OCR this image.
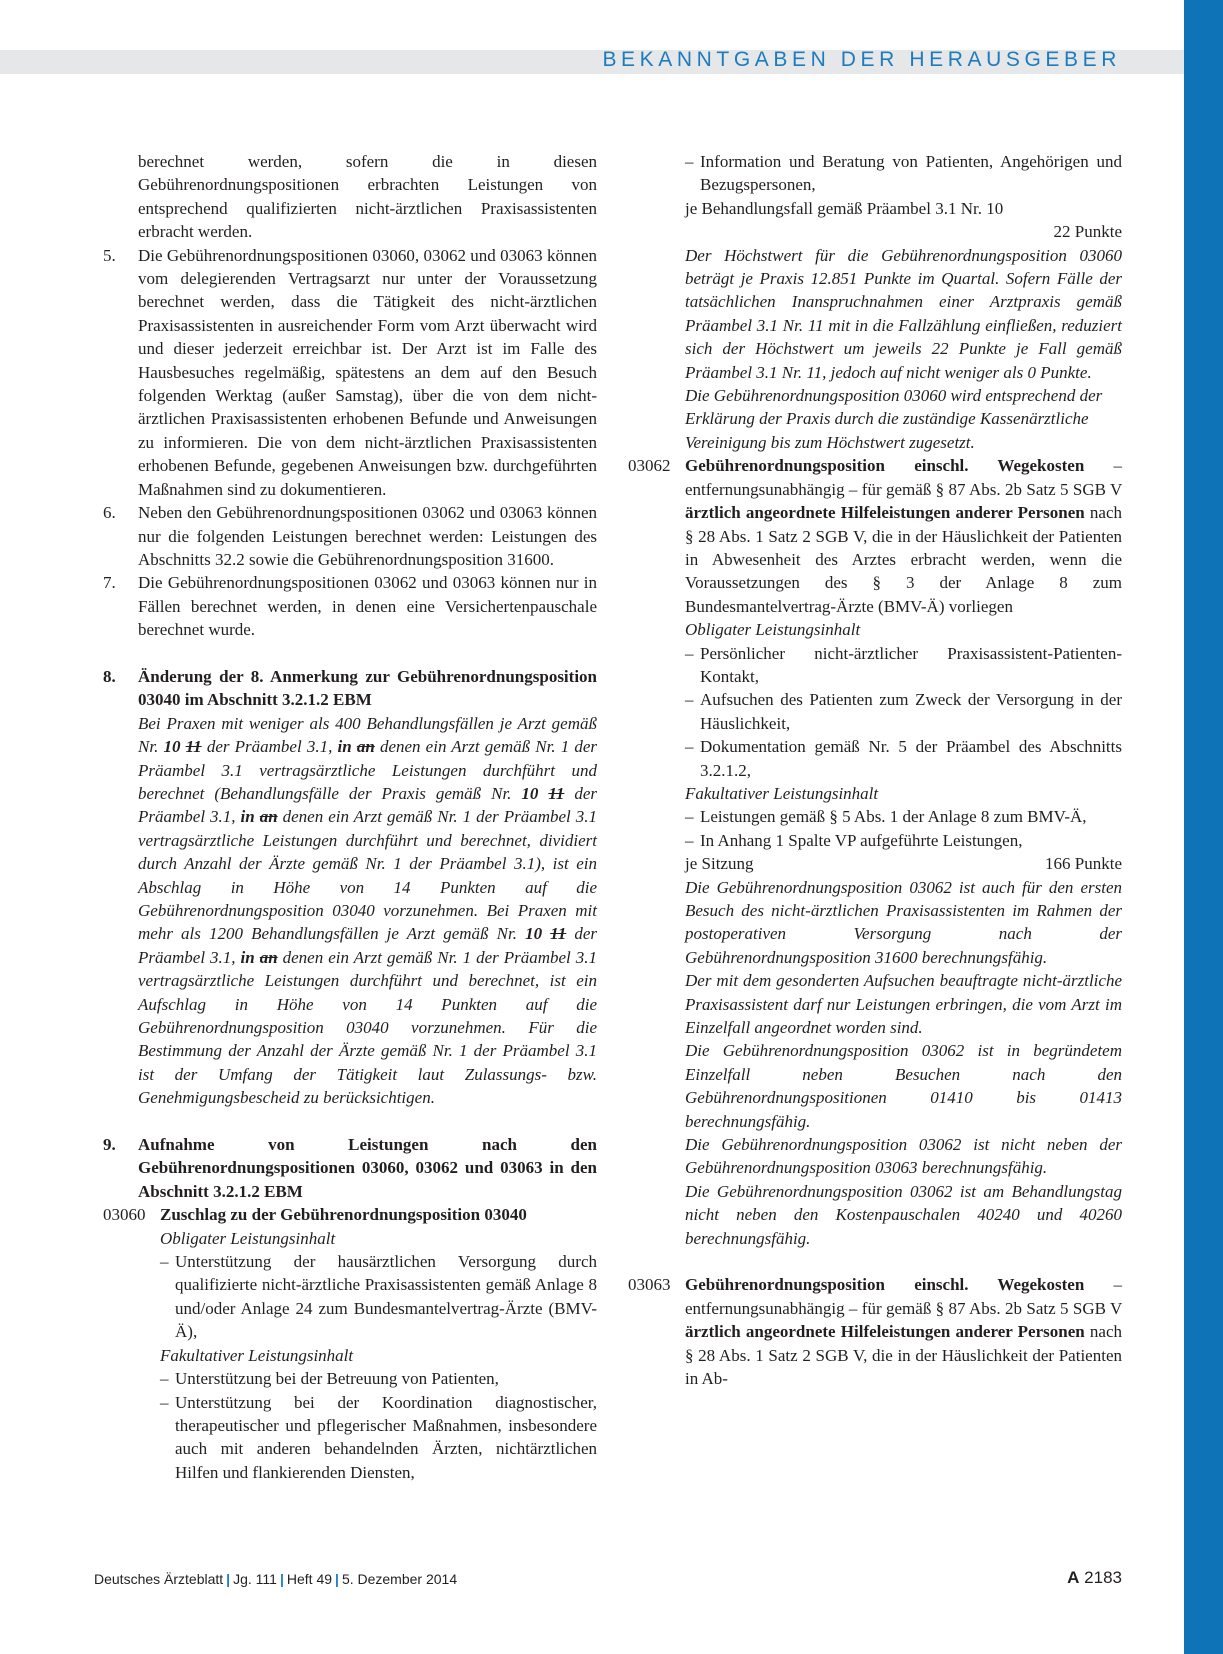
BEKANNTGABEN DER HERAUSGEBER
berechnet werden, sofern die in diesen Gebührenordnungspositionen erbrachten Leistungen von entsprechend qualifizierten nicht-ärztlichen Praxisassistenten erbracht werden.
5. Die Gebührenordnungspositionen 03060, 03062 und 03063 können vom delegierenden Vertragsarzt nur unter der Voraussetzung berechnet werden, dass die Tätigkeit des nicht-ärztlichen Praxisassistenten in ausreichender Form vom Arzt überwacht wird und dieser jederzeit erreichbar ist. Der Arzt ist im Falle des Hausbesuches regelmäßig, spätestens an dem auf den Besuch folgenden Werktag (außer Samstag), über die von dem nicht-ärztlichen Praxisassistenten erhobenen Befunde und Anweisungen zu informieren. Die von dem nicht-ärztlichen Praxisassistenten erhobenen Befunde, gegebenen Anweisungen bzw. durchgeführten Maßnahmen sind zu dokumentieren.
6. Neben den Gebührenordnungspositionen 03062 und 03063 können nur die folgenden Leistungen berechnet werden: Leistungen des Abschnitts 32.2 sowie die Gebührenordnungsposition 31600.
7. Die Gebührenordnungspositionen 03062 und 03063 können nur in Fällen berechnet werden, in denen eine Versichertenpauschale berechnet wurde.
8. Änderung der 8. Anmerkung zur Gebührenordnungsposition 03040 im Abschnitt 3.2.1.2 EBM
Bei Praxen mit weniger als 400 Behandlungsfällen je Arzt gemäß Nr. 10 11 der Präambel 3.1, in an denen ein Arzt gemäß Nr. 1 der Präambel 3.1 vertragsärztliche Leistungen durchführt und berechnet (Behandlungsfälle der Praxis gemäß Nr. 10 11 der Präambel 3.1, in an denen ein Arzt gemäß Nr. 1 der Präambel 3.1 vertragsärztliche Leistungen durchführt und berechnet, dividiert durch Anzahl der Ärzte gemäß Nr. 1 der Präambel 3.1), ist ein Abschlag in Höhe von 14 Punkten auf die Gebührenordnungsposition 03040 vorzunehmen. Bei Praxen mit mehr als 1200 Behandlungsfällen je Arzt gemäß Nr. 10 11 der Präambel 3.1, in an denen ein Arzt gemäß Nr. 1 der Präambel 3.1 vertragsärztliche Leistungen durchführt und berechnet, ist ein Aufschlag in Höhe von 14 Punkten auf die Gebührenordnungsposition 03040 vorzunehmen. Für die Bestimmung der Anzahl der Ärzte gemäß Nr. 1 der Präambel 3.1 ist der Umfang der Tätigkeit laut Zulassungs- bzw. Genehmigungsbescheid zu berücksichtigen.
9. Aufnahme von Leistungen nach den Gebührenordnungspositionen 03060, 03062 und 03063 in den Abschnitt 3.2.1.2 EBM
03060 Zuschlag zu der Gebührenordnungsposition 03040
Obligater Leistungsinhalt
– Unterstützung der hausärztlichen Versorgung durch qualifizierte nicht-ärztliche Praxisassistenten gemäß Anlage 8 und/oder Anlage 24 zum Bundesmantelvertrag-Ärzte (BMV-Ä),
Fakultativer Leistungsinhalt
– Unterstützung bei der Betreuung von Patienten,
– Unterstützung bei der Koordination diagnostischer, therapeutischer und pflegerischer Maßnahmen, insbesondere auch mit anderen behandelnden Ärzten, nichtärztlichen Hilfen und flankierenden Diensten,
– Information und Beratung von Patienten, Angehörigen und Bezugspersonen,
je Behandlungsfall gemäß Präambel 3.1 Nr. 10
22 Punkte
Der Höchstwert für die Gebührenordnungsposition 03060 beträgt je Praxis 12.851 Punkte im Quartal. Sofern Fälle der tatsächlichen Inanspruchnahmen einer Arztpraxis gemäß Präambel 3.1 Nr. 11 mit in die Fallzählung einfließen, reduziert sich der Höchstwert um jeweils 22 Punkte je Fall gemäß Präambel 3.1 Nr. 11, jedoch auf nicht weniger als 0 Punkte.
Die Gebührenordnungsposition 03060 wird entsprechend der Erklärung der Praxis durch die zuständige Kassenärztliche Vereinigung bis zum Höchstwert zugesetzt.
03062 Gebührenordnungsposition einschl. Wegekosten – entfernungsunabhängig – für gemäß § 87 Abs. 2b Satz 5 SGB V ärztlich angeordnete Hilfeleistungen anderer Personen nach § 28 Abs. 1 Satz 2 SGB V, die in der Häuslichkeit der Patienten in Abwesenheit des Arztes erbracht werden, wenn die Voraussetzungen des § 3 der Anlage 8 zum Bundesmantelvertrag-Ärzte (BMV-Ä) vorliegen
Obligater Leistungsinhalt
– Persönlicher nicht-ärztlicher Praxisassistent-Patienten-Kontakt,
– Aufsuchen des Patienten zum Zweck der Versorgung in der Häuslichkeit,
– Dokumentation gemäß Nr. 5 der Präambel des Abschnitts 3.2.1.2,
Fakultativer Leistungsinhalt
– Leistungen gemäß § 5 Abs. 1 der Anlage 8 zum BMV-Ä,
– In Anhang 1 Spalte VP aufgeführte Leistungen,
je Sitzung	166 Punkte
Die Gebührenordnungsposition 03062 ist auch für den ersten Besuch des nicht-ärztlichen Praxisassistenten im Rahmen der postoperativen Versorgung nach der Gebührenordnungsposition 31600 berechnungsfähig.
Der mit dem gesonderten Aufsuchen beauftragte nicht-ärztliche Praxisassistent darf nur Leistungen erbringen, die vom Arzt im Einzelfall angeordnet worden sind.
Die Gebührenordnungsposition 03062 ist in begründetem Einzelfall neben Besuchen nach den Gebührenordnungspositionen 01410 bis 01413 berechnungsfähig.
Die Gebührenordnungsposition 03062 ist nicht neben der Gebührenordnungsposition 03063 berechnungsfähig.
Die Gebührenordnungsposition 03062 ist am Behandlungstag nicht neben den Kostenpauschalen 40240 und 40260 berechnungsfähig.
03063 Gebührenordnungsposition einschl. Wegekosten – entfernungsunabhängig – für gemäß § 87 Abs. 2b Satz 5 SGB V ärztlich angeordnete Hilfeleistungen anderer Personen nach § 28 Abs. 1 Satz 2 SGB V, die in der Häuslichkeit der Patienten in Ab-
Deutsches Ärzteblatt | Jg. 111 | Heft 49 | 5. Dezember 2014	A 2183
